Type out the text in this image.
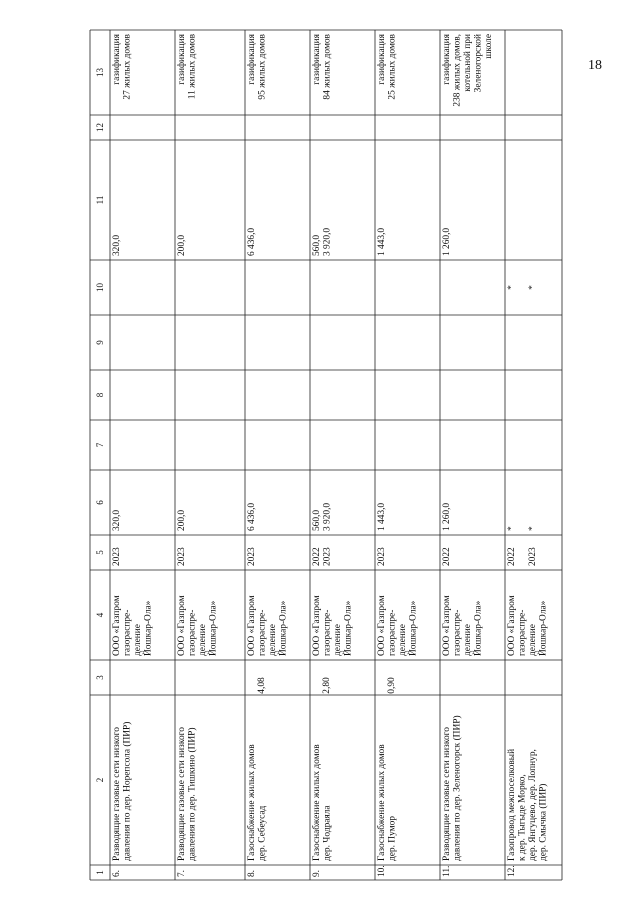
18
1
2
3
4
5
6
7
8
9
10
11
12
13
6.
Разводящие газовые сети низкого давления по дер. Норепсола (ПИР)
ООО «Газпром газораспре- деление Йошкар-Ола»
2023
320,0
320,0
газификация 27 жилых домов
7.
Разводящие газовые сети низкого давления по дер. Тишкино (ПИР)
ООО «Газпром газораспре- деление Йошкар-Ола»
2023
200,0
200,0
газификация 11 жилых домов
8.
Газоснабжение жилых домов дер. Себеусад
4,08
ООО «Газпром газораспре- деление Йошкар-Ола»
2023
6 436,0
6 436,0
газификация 95 жилых домов
9.
Газоснабжение жилых домов дер. Чодраяла
2,80
ООО «Газпром газораспре- деление Йошкар-Ола»
2022 2023
560,0 3 920,0
560,0 3 920,0
газификация 84 жилых домов
10.
Газоснабжение жилых домов дер. Пумор
0,90
ООО «Газпром газораспре- деление Йошкар-Ола»
2023
1 443,0
1 443,0
газификация 25 жилых домов
11.
Разводящие газовые сети низкого давления по дер. Зеленогорск (ПИР)
ООО «Газпром газораспре- деление Йошкар-Ола»
2022
1 260,0
1 260,0
газификация 238 жилых домов, котельной при Зеленогорской школе
12.
Газопровод межпоселковый к дер. Тыгыде Морко, дер. Янгуцево, дер. Лопнур, дер. Смычка (ПИР)
ООО «Газпром газораспре- деление Йошкар-Ола»
2022 2023
* *
* *
